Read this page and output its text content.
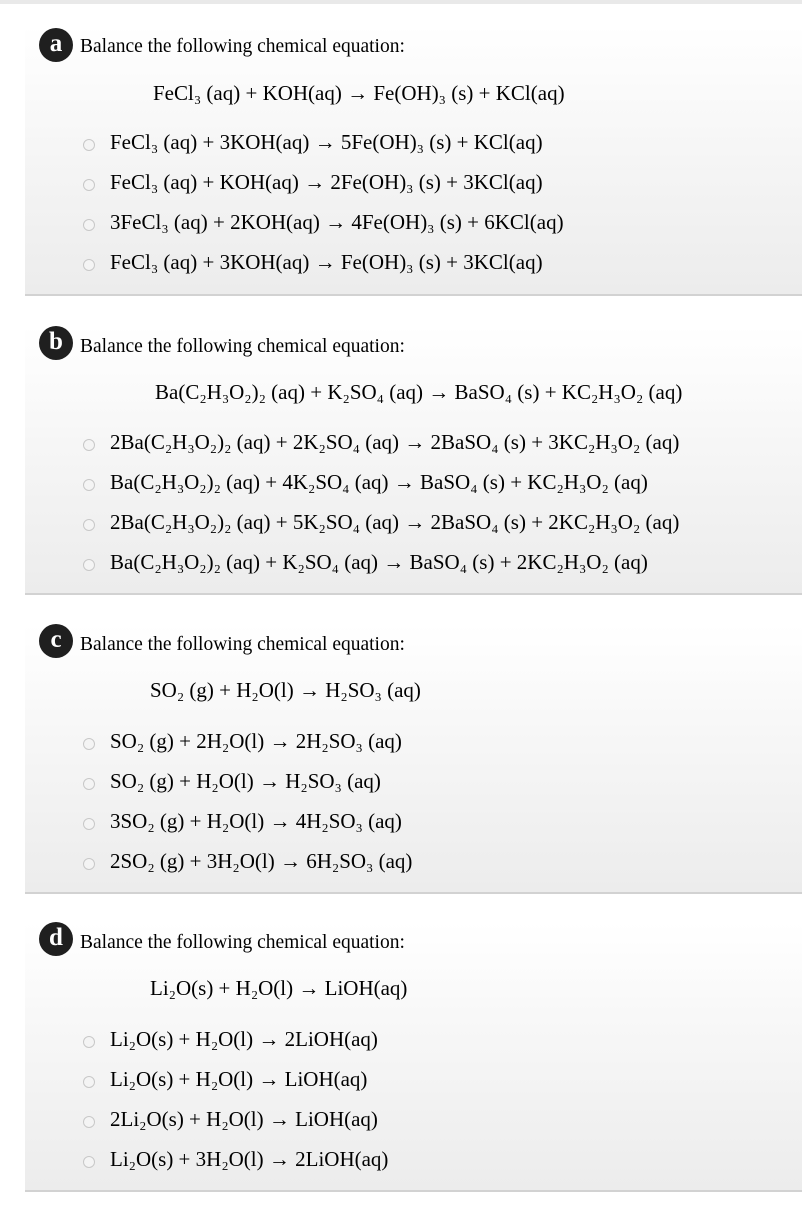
a Balance the following chemical equation:
FeCl₃ (aq) + KOH(aq) → Fe(OH)₃ (s) + KCl(aq)
FeCl₃ (aq) + 3KOH(aq) → 5Fe(OH)₃ (s) + KCl(aq)
FeCl₃ (aq) + KOH(aq) → 2Fe(OH)₃ (s) + 3KCl(aq)
3FeCl₃ (aq) + 2KOH(aq) → 4Fe(OH)₃ (s) + 6KCl(aq)
FeCl₃ (aq) + 3KOH(aq) → Fe(OH)₃ (s) + 3KCl(aq)
b Balance the following chemical equation:
Ba(C₂H₃O₂)₂ (aq) + K₂SO₄ (aq) → BaSO₄ (s) + KC₂H₃O₂ (aq)
2Ba(C₂H₃O₂)₂ (aq) + 2K₂SO₄ (aq) → 2BaSO₄ (s) + 3KC₂H₃O₂ (aq)
Ba(C₂H₃O₂)₂ (aq) + 4K₂SO₄ (aq) → BaSO₄ (s) + KC₂H₃O₂ (aq)
2Ba(C₂H₃O₂)₂ (aq) + 5K₂SO₄ (aq) → 2BaSO₄ (s) + 2KC₂H₃O₂ (aq)
Ba(C₂H₃O₂)₂ (aq) + K₂SO₄ (aq) → BaSO₄ (s) + 2KC₂H₃O₂ (aq)
c Balance the following chemical equation:
SO₂ (g) + H₂O(l) → H₂SO₃ (aq)
SO₂ (g) + 2H₂O(l) → 2H₂SO₃ (aq)
SO₂ (g) + H₂O(l) → H₂SO₃ (aq)
3SO₂ (g) + H₂O(l) → 4H₂SO₃ (aq)
2SO₂ (g) + 3H₂O(l) → 6H₂SO₃ (aq)
d Balance the following chemical equation:
Li₂O(s) + H₂O(l) → LiOH(aq)
Li₂O(s) + H₂O(l) → 2LiOH(aq)
Li₂O(s) + H₂O(l) → LiOH(aq)
2Li₂O(s) + H₂O(l) → LiOH(aq)
Li₂O(s) + 3H₂O(l) → 2LiOH(aq)
